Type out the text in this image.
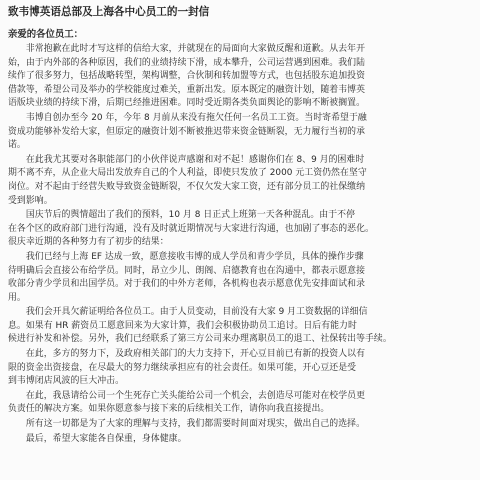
致韦博英语总部及上海各中心员工的一封信
亲爱的各位员工：
　　非常抱歉在此时才写这样的信给大家，并就现在的局面向大家做反醒和道歉。从去年开
始，由于内外部的各种原因，我们的业绩持续下滑，成本攀升，公司运营遇到困难。我们陆
续作了很多努力，包括战略转型，架构调整，合伙制和转加盟等方式，也包括股东追加投资
借款等，希望公司及举办的学校能度过难关，重新出发。原本既定的融资计划，随着韦博英
语版块业绩的持续下滑，后期已经推进困难。同时受近期各类负面舆论的影响不断被搁置。
　　韦博自创办至今 20 年，今年 8 月前从来没有拖欠任何一名员工工资。当时寄希望于融
资成功能够补发给大家，但原定的融资计划不断被推迟带来资金链断裂，无力履行当初的承
诺。
　　在此我尤其要对各职能部门的小伙伴说声感谢和对不起！感谢你们在 8、9 月的困难时
期不离不弃，从企业大局出发放弃自己的个人利益，即使只发放了 2000 元工资仍然在坚守
岗位。对不起由于经营失败导致资金链断裂，不仅欠发大家工资，还有部分员工的社保缴纳
受到影响。
　　国庆节后的舆情超出了我们的预料，10 月 8 日正式上班第一天各种混乱。由于不停
在各个区的政府部门进行沟通，没有及时就近期情况与大家进行沟通，也加剧了事态的恶化。
很庆幸近期的各种努力有了初步的结果：
　　我们已经与上海 EF 达成一致，愿意接收韦博的成人学员和青少学员，具体的操作步骤
待明确后会直接公布给学员。同时，昂立少儿、朗阁、启德教育也在沟通中，都表示愿意接
收部分青少学员和出国学员。对于我们的中外方老师，各机构也表示愿意优先安排面试和录
用。
　　我们会开具欠薪证明给各位员工。由于人员变动，目前没有大家 9 月工资数据的详细信
息。如果有 HR 薪资员工愿意回来为大家计算，我们会积极协助员工追讨。日后有能力时
候进行补发和补偿。另外，我们已经联系了第三方公司来办理离职员工的退工、社保转出等手续。
　　在此，多方的努力下，及政府相关部门的大力支持下，开心豆目前已有新的投资人以有
限的资金出资接盘，在尽最大的努力继续承担应有的社会责任。如果可能，开心豆还是受
到韦博闭店风波的巨大冲击。
　　在此，我恳请给公司一个生死存亡关头能给公司一个机会，去创造尽可能对在校学员更
负责任的解决方案。如果你愿意参与接下来的后续相关工作，请你向我直接提出。
　　所有这一切都是为了大家的理解与支持，我们都需要时间面对现实，做出自己的选择。
　　最后，希望大家能各自保重，身体健康。
